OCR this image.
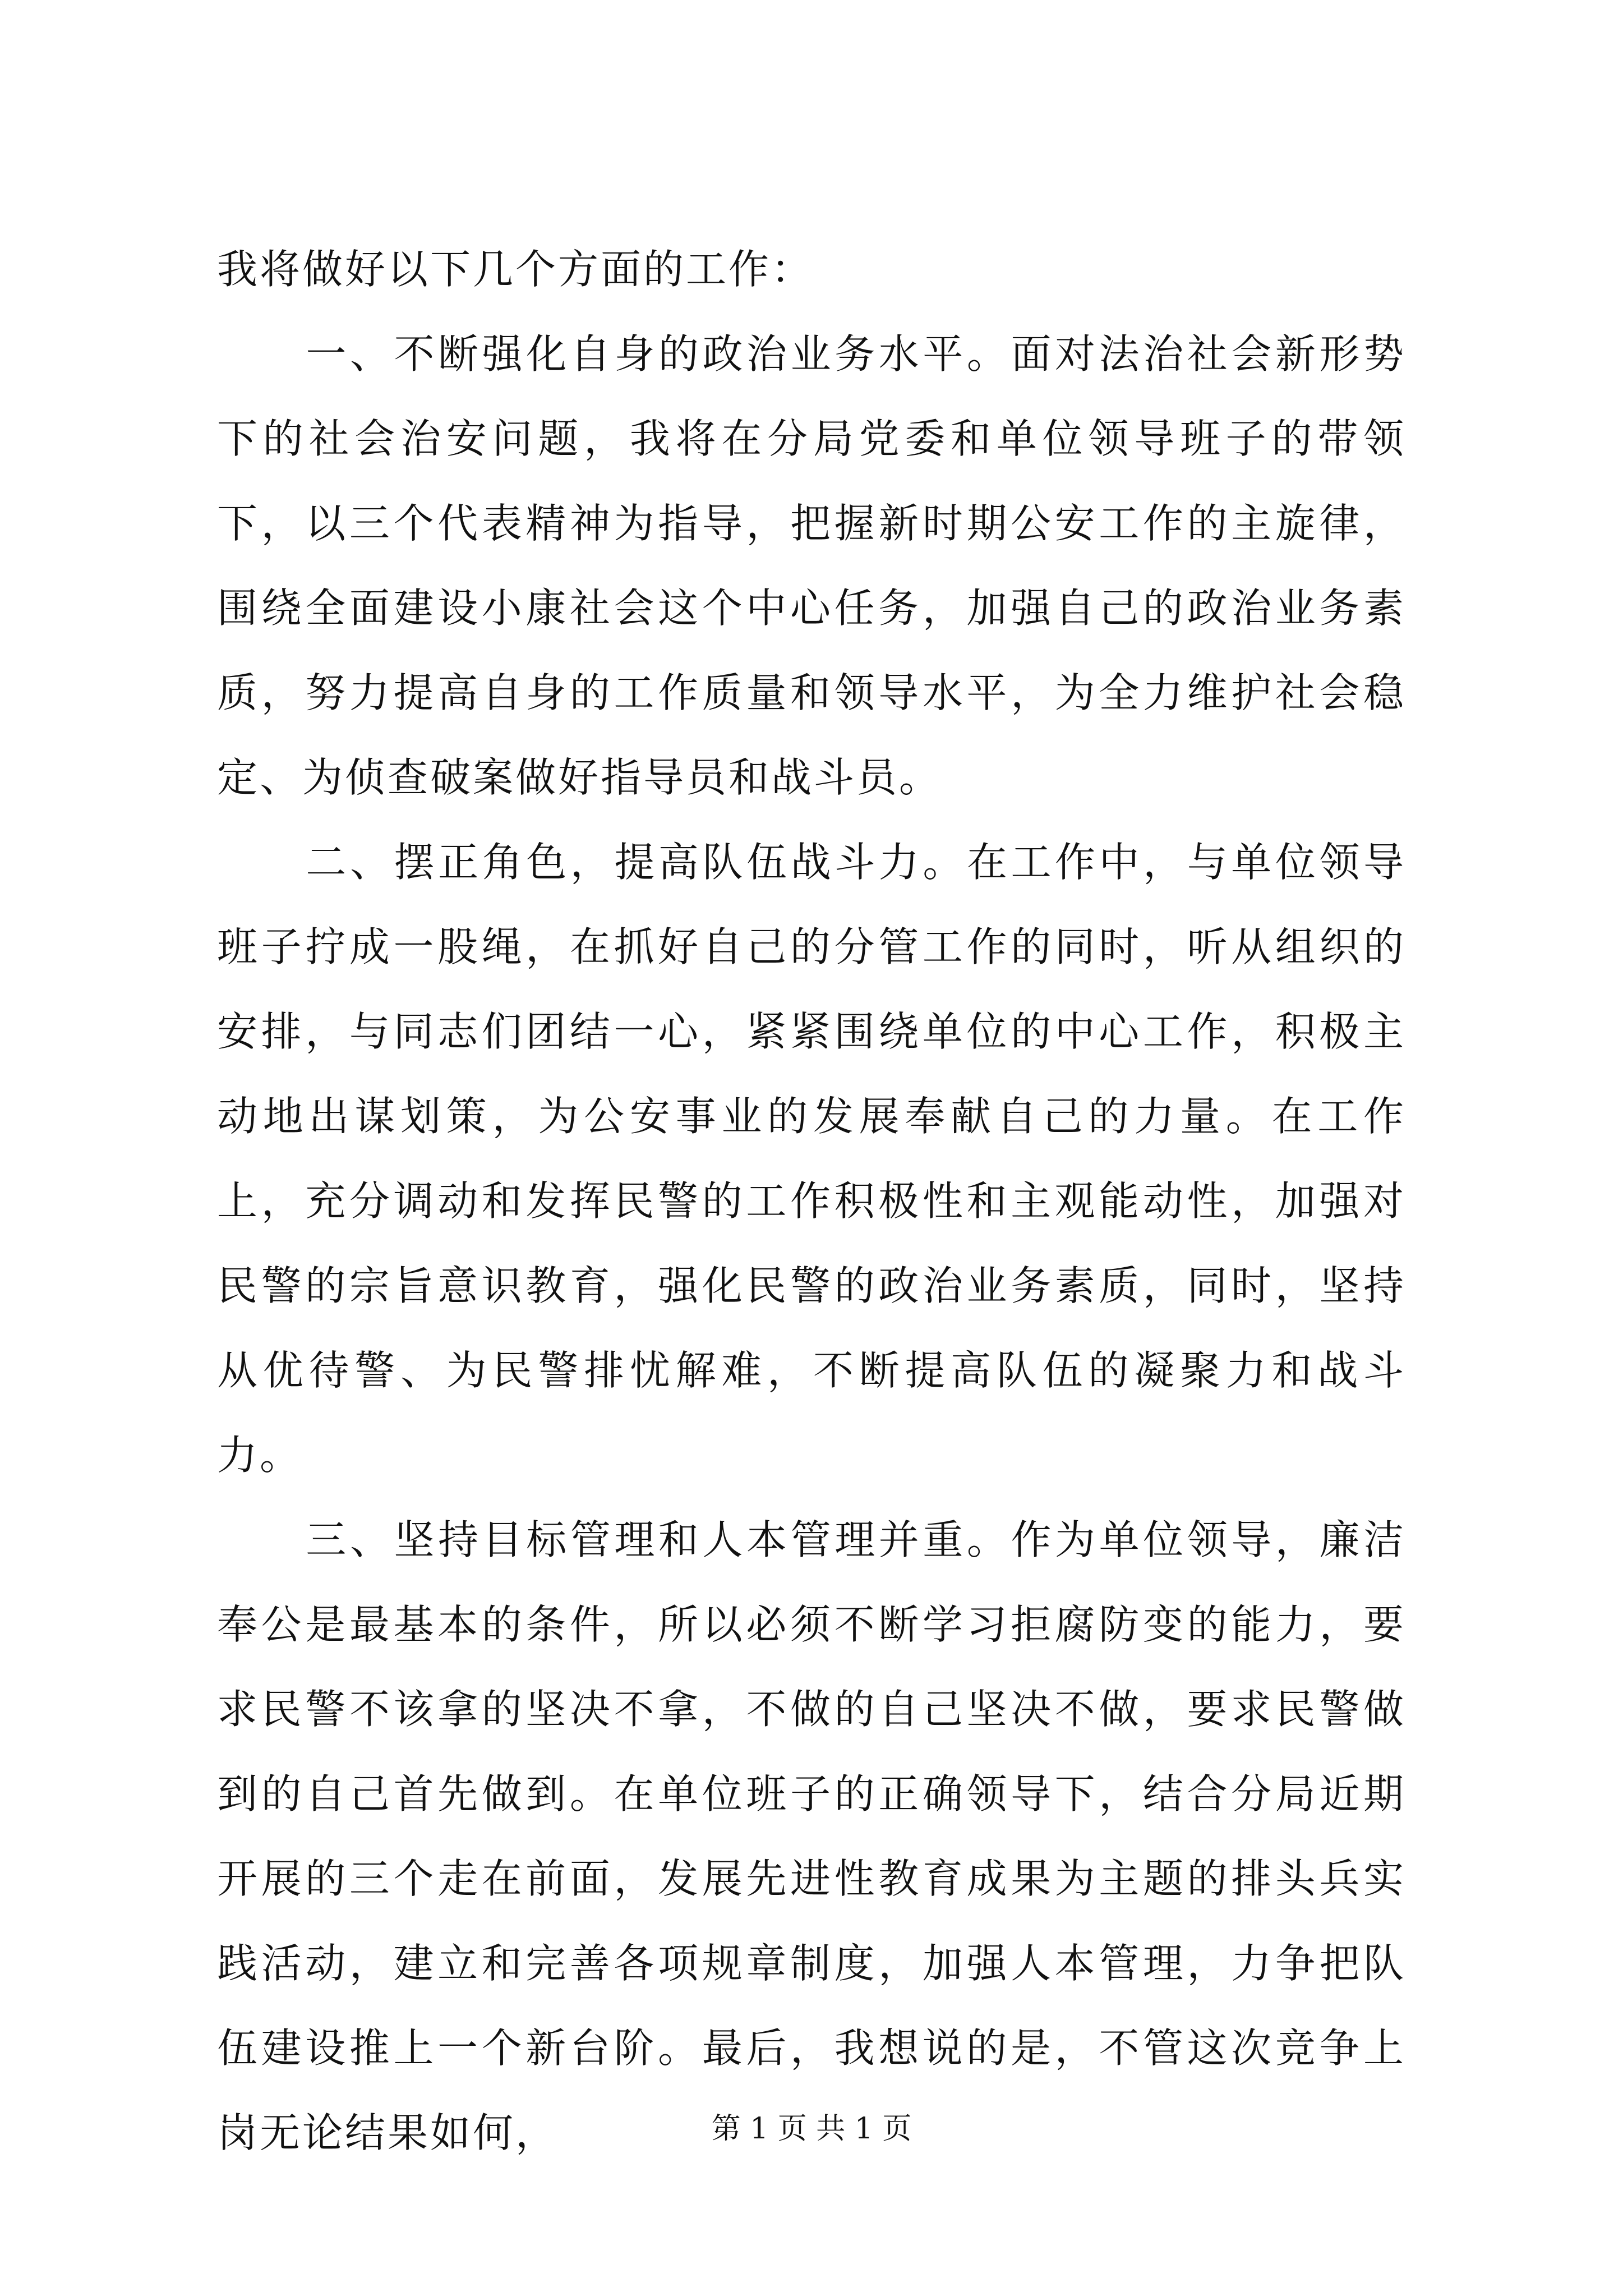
我将做好以下几个方面的工作：

一、不断强化自身的政治业务水平。面对法治社会新形势下的社会治安问题，我将在分局党委和单位领导班子的带领下，以三个代表精神为指导，把握新时期公安工作的主旋律，围绕全面建设小康社会这个中心任务，加强自己的政治业务素质，努力提高自身的工作质量和领导水平，为全力维护社会稳定、为侦查破案做好指导员和战斗员。

二、摆正角色，提高队伍战斗力。在工作中，与单位领导班子拧成一股绳，在抓好自己的分管工作的同时，听从组织的安排，与同志们团结一心，紧紧围绕单位的中心工作，积极主动地出谋划策，为公安事业的发展奉献自己的力量。在工作上，充分调动和发挥民警的工作积极性和主观能动性，加强对民警的宗旨意识教育，强化民警的政治业务素质，同时，坚持从优待警、为民警排忧解难，不断提高队伍的凝聚力和战斗力。

三、坚持目标管理和人本管理并重。作为单位领导，廉洁奉公是最基本的条件，所以必须不断学习拒腐防变的能力，要求民警不该拿的坚决不拿，不做的自己坚决不做，要求民警做到的自己首先做到。在单位班子的正确领导下，结合分局近期开展的三个走在前面，发展先进性教育成果为主题的排头兵实践活动，建立和完善各项规章制度，加强人本管理，力争把队伍建设推上一个新台阶。最后，我想说的是，不管这次竞争上岗无论结果如何，	第 1 页 共 1 页
